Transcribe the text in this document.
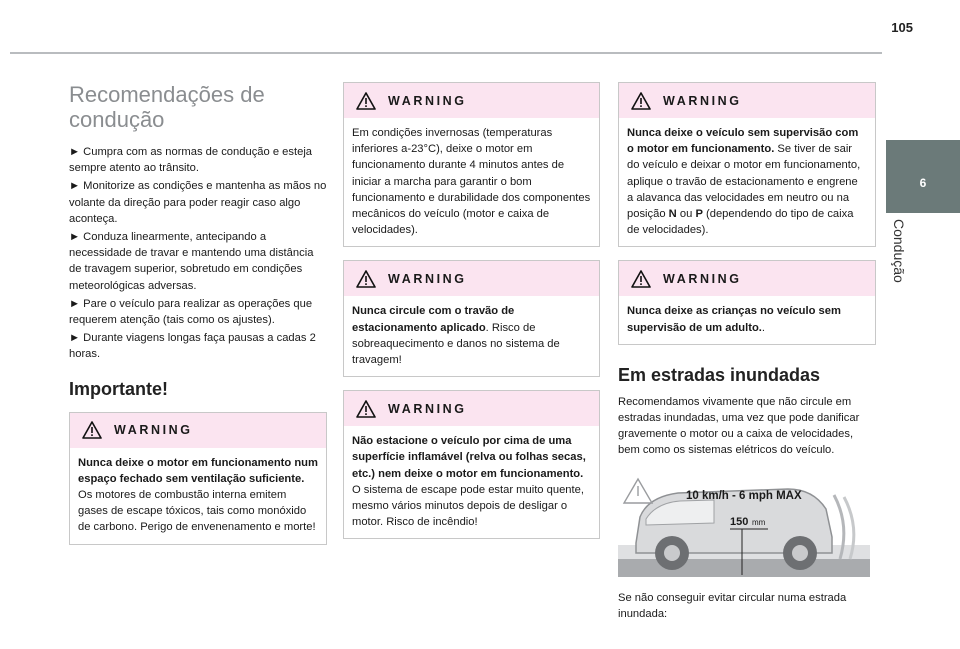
105
6
Condução
Recomendações de condução

► Cumpra com as normas de condução e esteja sempre atento ao trânsito.

► Monitorize as condições e mantenha as mãos no volante da direção para poder reagir caso algo aconteça.

► Conduza linearmente, antecipando a necessidade de travar e mantendo uma distância de travagem superior, sobretudo em condições meteorológicas adversas.

► Pare o veículo para realizar as operações que requerem atenção (tais como os ajustes).

► Durante viagens longas faça pausas a cadas 2 horas.

Importante!
WARNING
Nunca deixe o motor em funcionamento num espaço fechado sem ventilação suficiente. Os motores de combustão interna emitem gases de escape tóxicos, tais como monóxido de carbono. Perigo de envenenamento e morte!
WARNING
Em condições invernosas (temperaturas inferiores a-23°C), deixe o motor em funcionamento durante 4 minutos antes de iniciar a marcha para garantir o bom funcionamento e durabilidade dos componentes mecânicos do veículo (motor e caixa de velocidades).
WARNING
Nunca circule com o travão de estacionamento aplicado. Risco de sobreaquecimento e danos no sistema de travagem!
WARNING
Não estacione o veículo por cima de uma superfície inflamável (relva ou folhas secas, etc.) nem deixe o motor em funcionamento. O sistema de escape pode estar muito quente, mesmo vários minutos depois de desligar o motor. Risco de incêndio!
WARNING
Nunca deixe o veículo sem supervisão com o motor em funcionamento. Se tiver de sair do veículo e deixar o motor em funcionamento, aplique o travão de estacionamento e engrene a alavanca das velocidades em neutro ou na posição N ou P (dependendo do tipo de caixa de velocidades).
WARNING
Nunca deixe as crianças no veículo sem supervisão de um adulto..
Em estradas inundadas

Recomendamos vivamente que não circule em estradas inundadas, uma vez que pode danificar gravemente o motor ou a caixa de velocidades, bem como os sistemas elétricos do veículo.

10 km/h - 6 mph MAX
150 mm

Se não conseguir evitar circular numa estrada inundada:
